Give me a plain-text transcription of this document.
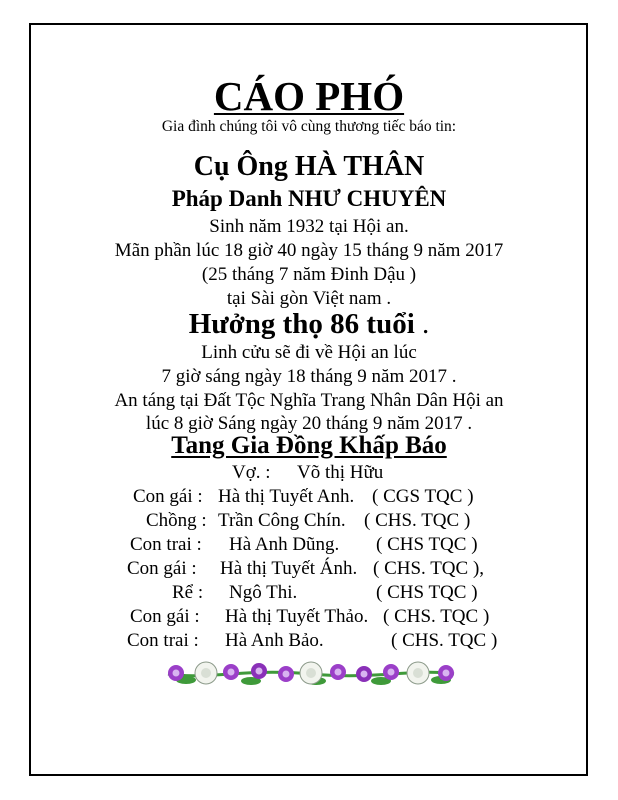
CÁO PHÓ
Gia đình chúng tôi vô cùng thương tiếc báo tin:
Cụ Ông HÀ THÂN
Pháp Danh NHƯ CHUYÊN
Sinh năm 1932 tại Hội an.
Mãn phần lúc 18 giờ 40 ngày 15 tháng 9 năm 2017
(25 tháng 7 năm Đinh Dậu )
tại Sài gòn Việt nam .
Hưởng thọ 86 tuổi .
Linh cửu sẽ đi về Hội an lúc
7 giờ sáng ngày 18 tháng 9 năm 2017 .
An táng tại Đất Tộc Nghĩa Trang Nhân Dân Hội an
lúc 8 giờ Sáng ngày 20 tháng 9 năm 2017 .
Tang Gia Đồng Khấp Báo
Vợ. : Võ thị Hữu
Con gái : Hà thị Tuyết Anh. ( CGS TQC )
Chồng : Trần Công Chín. ( CHS. TQC )
Con trai : Hà Anh Dũng. ( CHS TQC )
Con gái : Hà thị Tuyết Ánh. ( CHS. TQC ),
Rể : Ngô Thi.	( CHS TQC )
Con gái : Hà thị Tuyết Thảo. ( CHS. TQC )
Con trai : Hà Anh Bảo.	( CHS. TQC )
